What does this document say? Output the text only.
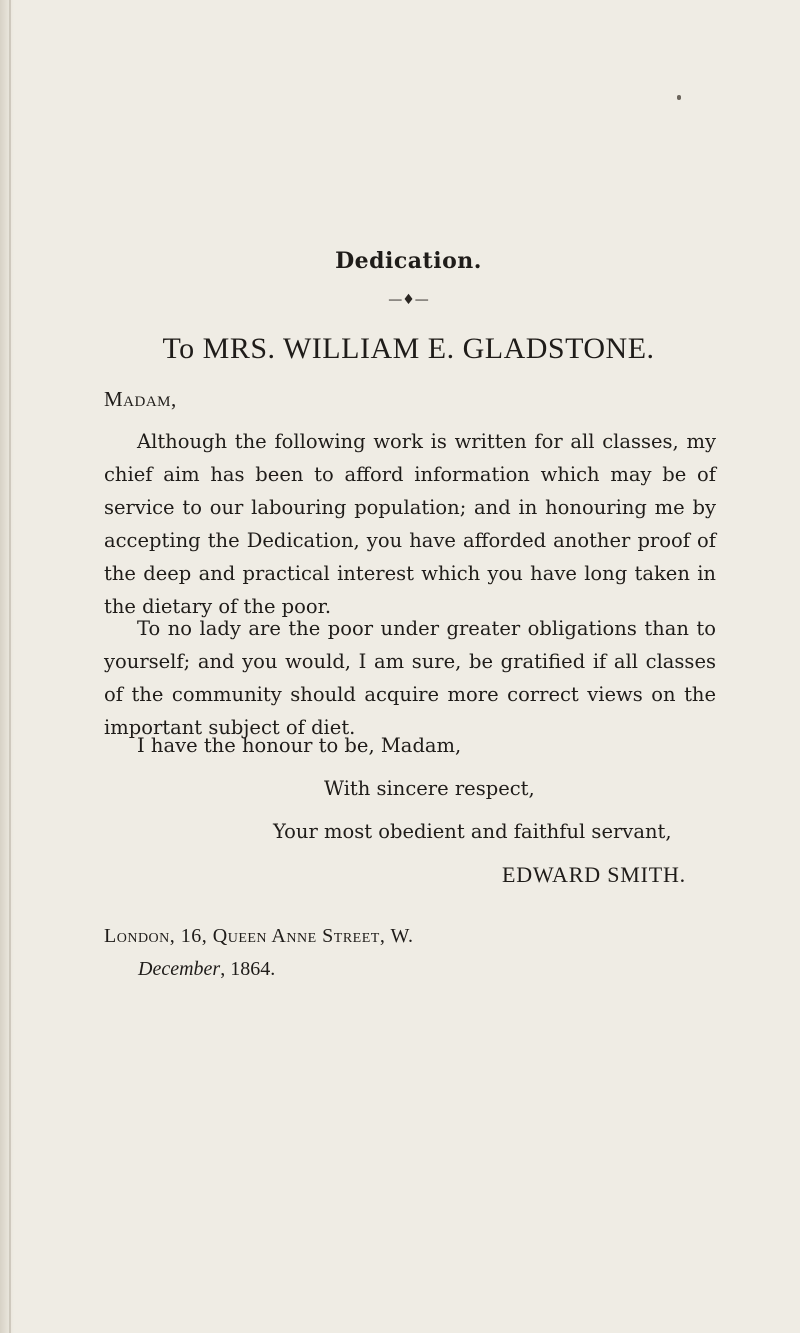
Dedication.
—♦—
To MRS. WILLIAM E. GLADSTONE.
Madam,

Although the following work is written for all classes, my chief aim has been to afford information which may be of service to our labouring population; and in honouring me by accepting the Dedication, you have afforded another proof of the deep and practical interest which you have long taken in the dietary of the poor.

To no lady are the poor under greater obligations than to yourself; and you would, I am sure, be gratified if all classes of the community should acquire more correct views on the important subject of diet.

I have the honour to be, Madam,
With sincere respect,
Your most obedient and faithful servant,
EDWARD SMITH.
London, 16, Queen Anne Street, W.
December, 1864.
